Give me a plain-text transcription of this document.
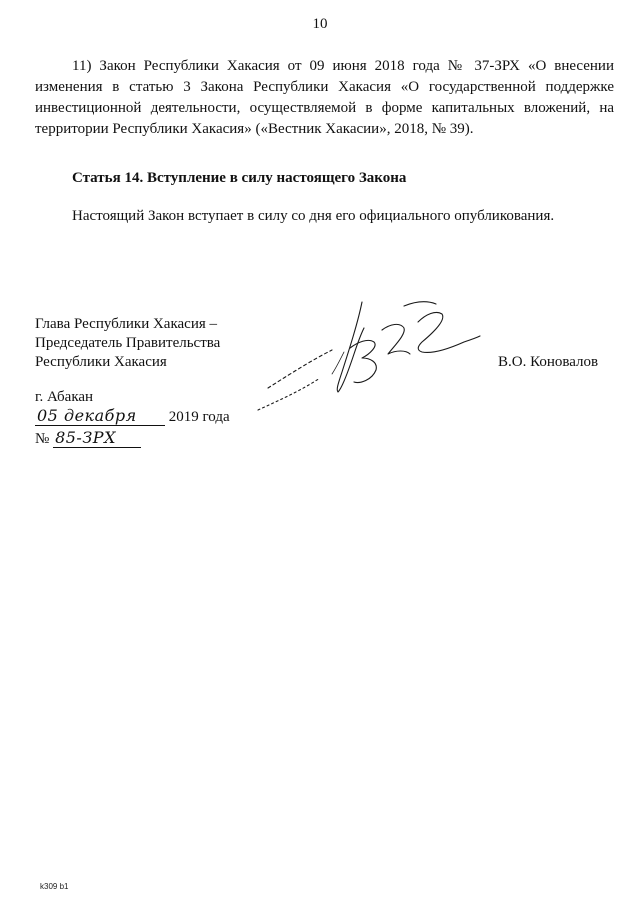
10

11) Закон Республики Хакасия от 09 июня 2018 года № 37-ЗРХ «О внесении изменения в статью 3 Закона Республики Хакасия «О государственной поддержке инвестиционной деятельности, осуществляемой в форме капитальных вложений, на территории Республики Хакасия» («Вестник Хакасии», 2018, № 39).

Статья 14. Вступление в силу настоящего Закона
Настоящий Закон вступает в силу со дня его официального опубликования.
Глава Республики Хакасия –
Председатель Правительства
Республики Хакасия	В.О. Коновалов
г. Абакан
05 декабря 2019 года
№ 85-ЗРХ
k309 b1
